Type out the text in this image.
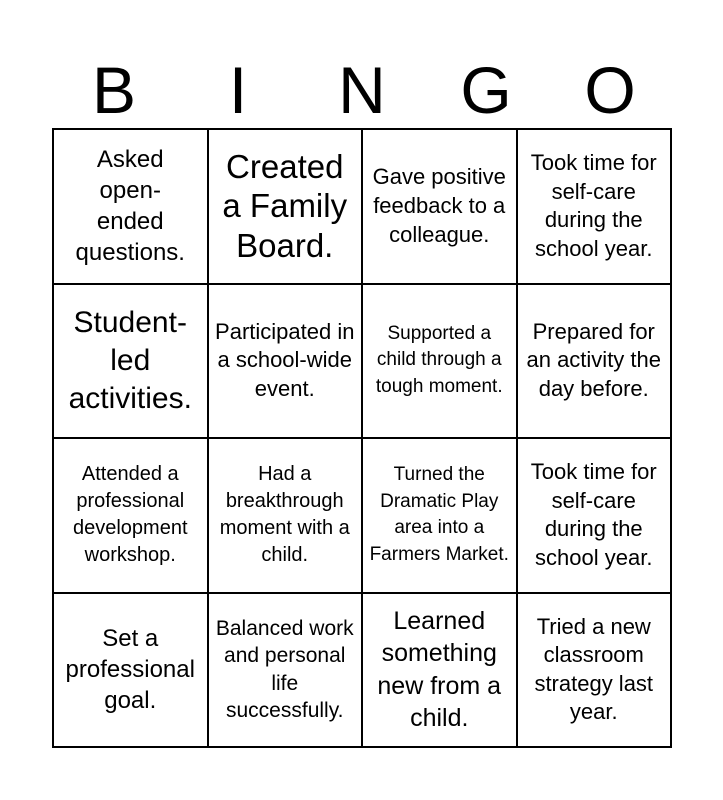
B	I	N	G	O
Asked open-ended questions.
Created a Family Board.
Gave positive feedback to a colleague.
Took time for self-care during the school year.
Student-led activities.
Participated in a school-wide event.
Supported a child through a tough moment.
Prepared for an activity the day before.
Attended a professional development workshop.
Had a breakthrough moment with a child.
Turned the Dramatic Play area into a Farmers Market.
Took time for self-care during the school year.
Set a professional goal.
Balanced work and personal life successfully.
Learned something new from a child.
Tried a new classroom strategy last year.
